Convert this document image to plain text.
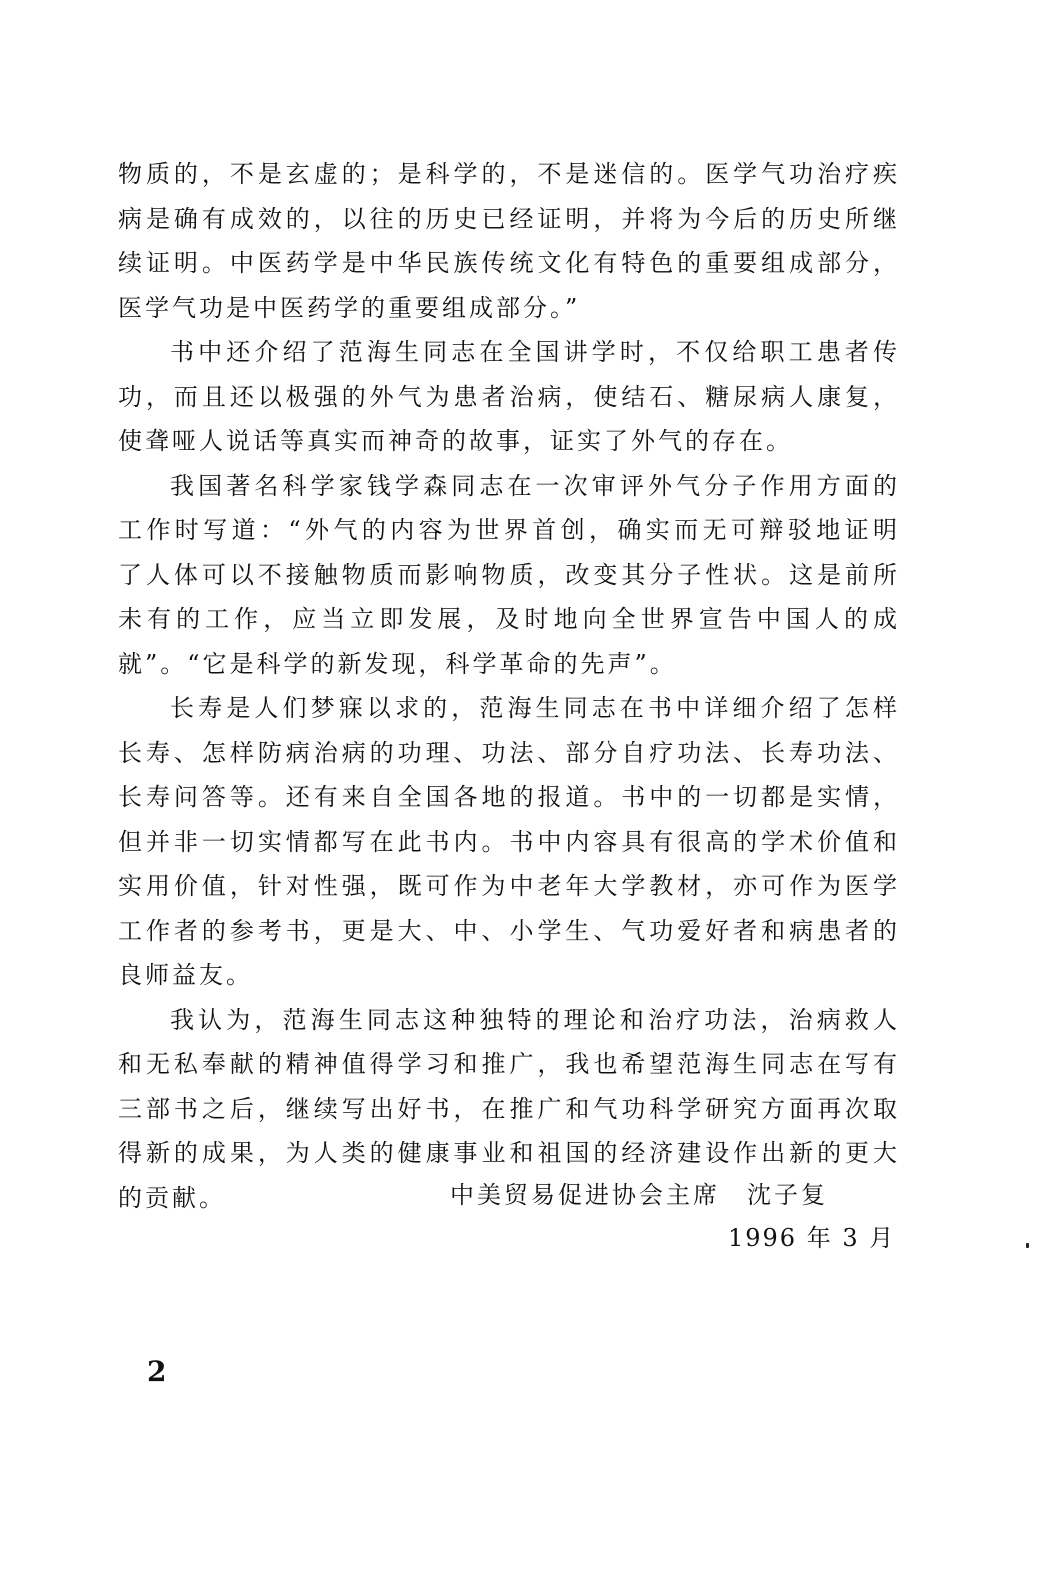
物质的，不是玄虚的；是科学的，不是迷信的。医学气功治疗疾
病是确有成效的，以往的历史已经证明，并将为今后的历史所继
续证明。中医药学是中华民族传统文化有特色的重要组成部分，
医学气功是中医药学的重要组成部分。”
书中还介绍了范海生同志在全国讲学时，不仅给职工患者传
功，而且还以极强的外气为患者治病，使结石、糖尿病人康复，
使聋哑人说话等真实而神奇的故事，证实了外气的存在。
我国著名科学家钱学森同志在一次审评外气分子作用方面的
工作时写道：“外气的内容为世界首创，确实而无可辩驳地证明
了人体可以不接触物质而影响物质，改变其分子性状。这是前所
未有的工作，应当立即发展，及时地向全世界宣告中国人的成
就”。“它是科学的新发现，科学革命的先声”。
长寿是人们梦寐以求的，范海生同志在书中详细介绍了怎样
长寿、怎样防病治病的功理、功法、部分自疗功法、长寿功法、
长寿问答等。还有来自全国各地的报道。书中的一切都是实情，
但并非一切实情都写在此书内。书中内容具有很高的学术价值和
实用价值，针对性强，既可作为中老年大学教材，亦可作为医学
工作者的参考书，更是大、中、小学生、气功爱好者和病患者的
良师益友。
我认为，范海生同志这种独特的理论和治疗功法，治病救人
和无私奉献的精神值得学习和推广，我也希望范海生同志在写有
三部书之后，继续写出好书，在推广和气功科学研究方面再次取
得新的成果，为人类的健康事业和祖国的经济建设作出新的更大
的贡献。	中美贸易促进协会主席　沈子复
1996 年 3 月
2
